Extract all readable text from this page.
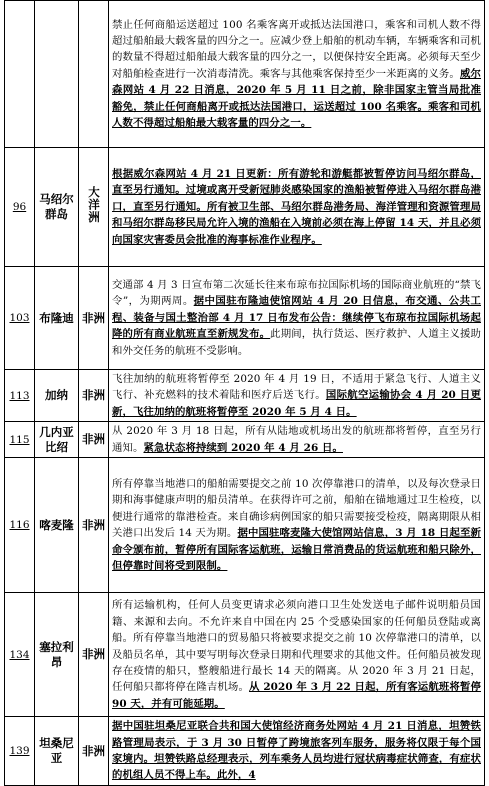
			禁止任何商船运送超过 100 名乘客离开或抵达法国港口，乘客和司机人数不得超过船舶最大载客量的四分之一。应减少登上船舶的机动车辆，车辆乘客和司机的数量不得超过船舶最大载客量的四分之一，以便保持安全距离。必须每天至少对船舶检查进行一次消毒清洗。乘客与其他乘客保持至少一米距离的义务。威尔森网站 4 月 22 日消息，2020 年 5 月 11 日之前，除非国家主管当局批准豁免，禁止任何商船离开或抵达法国港口，运送超过 100 名乘客。乘客和司机人数不得超过船舶最大载客量的四分之一。
96	马绍尔群岛	大洋洲	根据威尔森网站 4 月 21 日更新：所有游轮和游艇都被暂停访问马绍尔群岛，直至另行通知。过境或离开受新冠肺炎感染国家的渔船被暂停进入马绍尔群岛港口，直至另行通知。所有被卫生部、马绍尔群岛港务局、海洋管理和资源管理局和马绍尔群岛移民局允许入境的渔船在入境前必须在海上停留 14 天，并且必须向国家灾害委员会批准的海事标准作业程序。
103	布隆迪	非洲	交通部 4 月 3 日宣布第二次延长往来布琼布拉国际机场的国际商业航班的“禁飞令”，为期两周。据中国驻布隆迪使馆网站 4 月 20 日信息，布交通、公共工程、装备与国土整治部 4 月 17 日布发布公告：继续停飞布琼布拉国际机场起降的所有商业航班直至新规发布。此期间，执行货运、医疗救护、人道主义援助和外交任务的航班不受影响。
113	加纳	非洲	飞往加纳的航班将暂停至 2020 年 4 月 19 日，不适用于紧急飞行、人道主义飞行、补充燃料的技术着陆和医疗后送飞行。国际航空运输协会 4 月 20 日更新，飞往加纳的航班将暂停至 2020 年 5 月 4 日。
115	几内亚比绍	非洲	从 2020 年 3 月 18 日起，所有从陆地或机场出发的航班都将暂停，直至另行通知。紧急状态将持续到 2020 年 4 月 26 日。
116	喀麦隆	非洲	所有停靠当地港口的船舶需要提交之前 10 次停靠港口的清单，以及每次登录日期和海事健康声明的船员清单。在获得许可之前，船舶在锚地通过卫生检疫，以便进行通常的靠港检查。来自确诊病例国家的船只需要接受检疫，隔离期限从相关港口出发后 14 天为期。据中国驻喀麦隆大使馆网站信息，3 月 18 日起至新命令颁布前，暂停所有国际客运航班，运输日常消费品的货运航班和船只除外，但停靠时间将受到限制。
134	塞拉利昂	非洲	所有运输机构，任何人员变更请求必须向港口卫生处发送电子邮件说明船员国籍、来源和去向。不允许来自中国在内 25 个受感染国家的任何船员登陆或离船。所有停靠当地港口的贸易船只将被要求提交之前 10 次停靠港口的清单，以及船员名单，其中要写明每次登录日期和代理要求的其他文件。任何船员被发现存在疫情的船只，整艘船进行最长 14 天的隔离。从 2020 年 3 月 21 日起，任何船只都将停在隆吉机场。从 2020 年 3 月 22 日起，所有客运航班将暂停 90 天，并有可能延期。
139	坦桑尼亚	非洲	据中国驻坦桑尼亚联合共和国大使馆经济商务处网站 4 月 21 日消息，坦赞铁路管理局表示，于 3 月 30 日暂停了跨境旅客列车服务，服务将仅限于每个国家境内。坦赞铁路总经理表示，列车乘务人员均进行冠状病毒症状筛查，有症状的机组人员不得上车。此外，4
